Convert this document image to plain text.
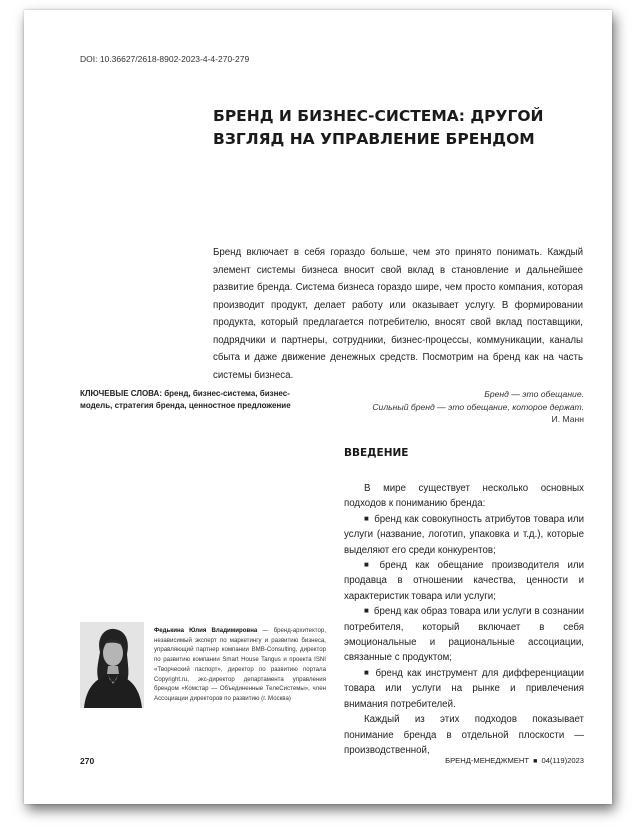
DOI: 10.36627/2618-8902-2023-4-4-270-279
БРЕНД И БИЗНЕС-СИСТЕМА: ДРУГОЙ ВЗГЛЯД НА УПРАВЛЕНИЕ БРЕНДОМ

Бренд включает в себя гораздо больше, чем это принято понимать. Каждый элемент системы бизнеса вносит свой вклад в становление и дальнейшее развитие бренда. Система бизнеса гораздо шире, чем просто компания, которая производит продукт, делает работу или оказывает услугу. В формировании продукта, который предлагается потребителю, вносят свой вклад поставщики, подрядчики и партнеры, сотрудники, бизнес-процессы, коммуникации, каналы сбыта и даже движение денежных средств. Посмотрим на бренд как на часть системы бизнеса.

КЛЮЧЕВЫЕ СЛОВА: бренд, бизнес-система, бизнес-модель, стратегия бренда, ценностное предложение

Бренд — это обещание.
Сильный бренд — это обещание, которое держат.
И. Манн
ВВЕДЕНИЕ

В мире существует несколько основных подходов к пониманию бренда:

■ бренд как совокупность атрибутов товара или услуги (название, логотип, упаковка и т.д.), которые выделяют его среди конкурентов;

■ бренд как обещание производителя или продавца в отношении качества, ценности и характеристик товара или услуги;

■ бренд как образ товара или услуги в сознании потребителя, который включает в себя эмоциональные и рациональные ассоциации, связанные с продуктом;

■ бренд как инструмент для дифференциации товара или услуги на рынке и привлечения внимания потребителей.

Каждый из этих подходов показывает понимание бренда в отдельной плоскости — производственной,

Федькина Юлия Владимировна — бренд-архитектор, независимый эксперт по маркетингу и развитию бизнеса, управляющий партнер компании BMB-Consulting, директор по развитию компании Smart House Tangus и проекта ISNI «Творческий паспорт», директор по развитию портала Copyright.ru, экс-директор департамента управления брендом «Комстар — Объединенные ТелеСистемы», член Ассоциации директоров по развитию (г. Москва)

270	БРЕНД-МЕНЕДЖМЕНТ ■ 04(119)2023
